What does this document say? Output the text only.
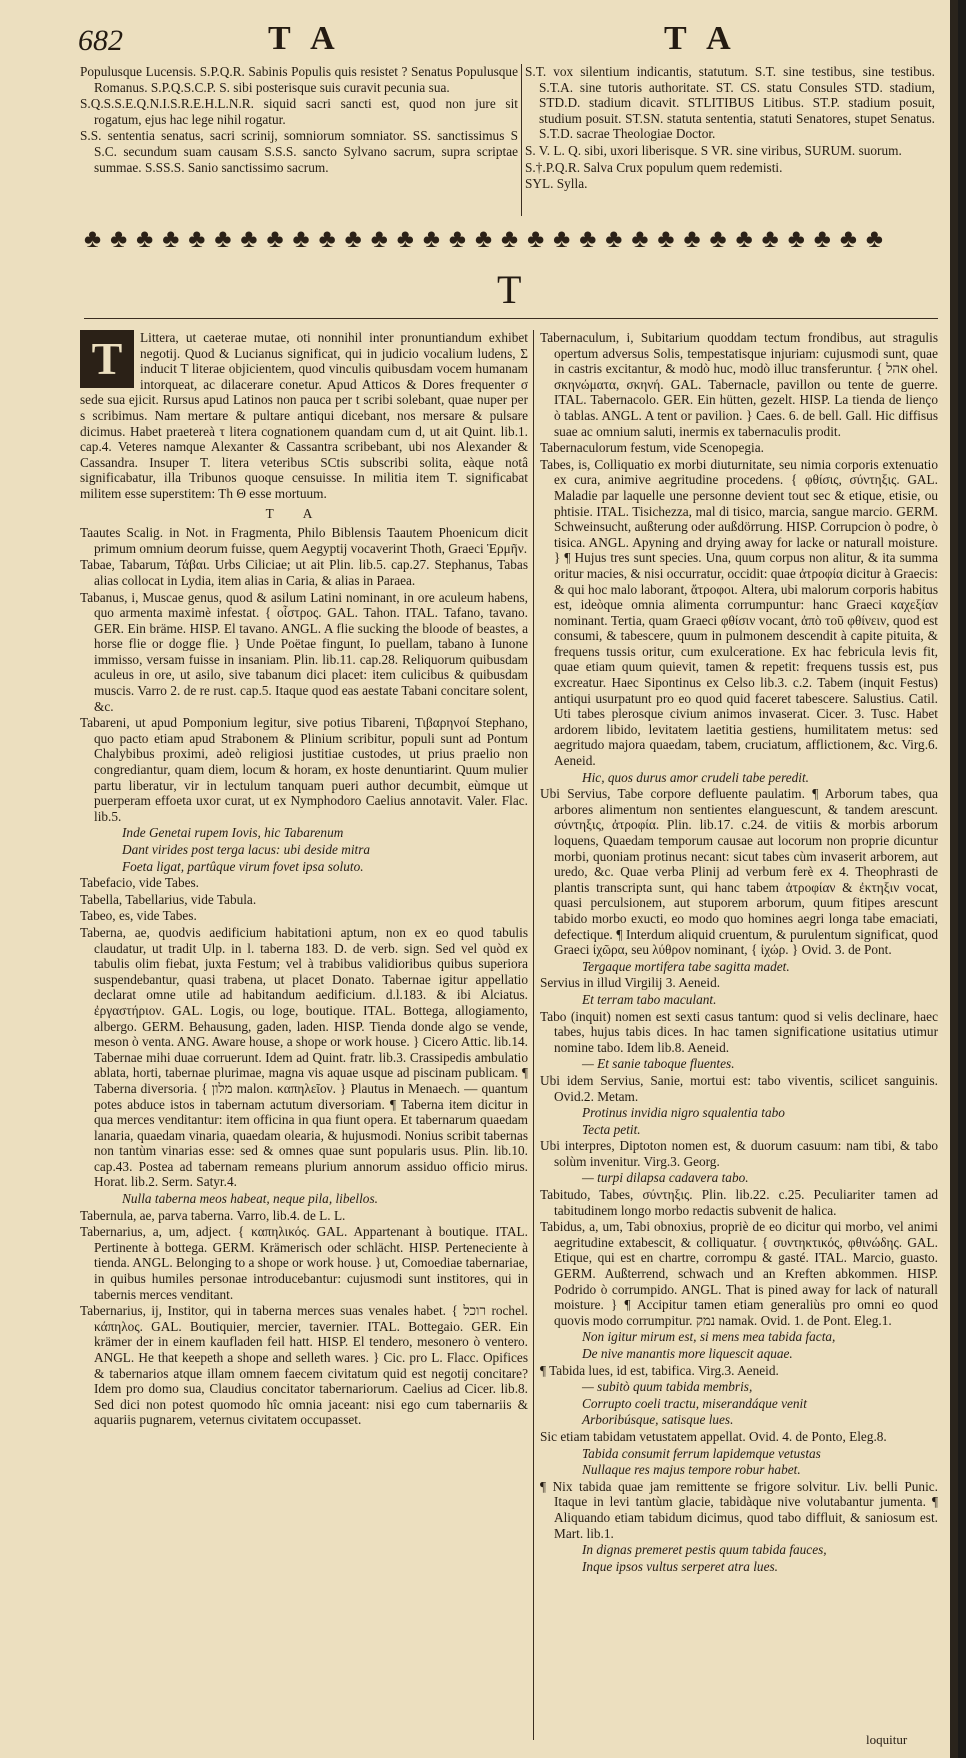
682	TA	TA

Populusque Lucensis. S.P.Q.R. Sabinis Populis quis resistet ? Senatus Populusque Romanus. S.P.Q.S.C.P. S. sibi posterisque suis curavit pecunia sua.

S.Q.S.S.E.Q.N.I.S.R.E.H.L.N.R. siquid sacri sancti est, quod non jure sit rogatum, ejus hac lege nihil rogatur.

S.S. sententia senatus, sacri scrinij, somniorum somniator. SS. sanctissimus S S.C. secundum suam causam S.S.S. sancto Sylvano sacrum, supra scriptae summae. S.SS.S. Sanio sanctissimo sacrum.

S.T. vox silentium indicantis, statutum. S.T. sine testibus, sine testibus. S.T.A. sine tutoris authoritate. ST. CS. statu Consules STD. stadium, STD.D. stadium dicavit. STLITIBUS Litibus. ST.P. stadium posuit, studium posuit. ST.SN. statuta sententia, statuti Senatores, stupet Senatus. S.T.D. sacrae Theologiae Doctor.

S. V. L. Q. sibi, uxori liberisque. S VR. sine viribus, SURUM. suorum.

S.†.P.Q.R. Salva Crux populum quem redemisti.

SYL. Sylla.

♣♣♣♣♣♣♣♣♣♣♣♣♣♣♣♣♣♣♣♣♣♣♣♣♣♣♣♣♣♣♣
T

T	Littera, ut caeterae mutae, oti nonnihil inter pronuntiandum exhibet negotij. Quod & Lucianus significat, qui in judicio vocalium ludens, Σ inducit T literae objicientem, quod vinculis quibusdam vocem humanam intorqueat, ac dilacerare conetur. Apud Atticos & Dores frequenter σ sede sua ejicit. Rursus apud Latinos non pauca per t scribi solebant, quae nuper per s scribimus. Nam mertare & pultare antiqui dicebant, nos mersare & pulsare dicimus. Habet praetereà τ litera cognationem quandam cum d, ut ait Quint. lib.1. cap.4. Veteres namque Alexanter & Cassantra scribebant, ubi nos Alexander & Cassandra. Insuper T. litera veteribus SCtis subscribi solita, eàque notâ significabatur, illa Tribunos quoque censuisse. In militia item T. significabat militem esse superstitem: Th Θ esse mortuum.

TA

Taautes Scalig. in Not. in Fragmenta, Philo Biblensis Taautem Phoenicum dicit primum omnium deorum fuisse, quem Aegyptij vocaverint Thoth, Graeci Ἑρμῆν.

Tabae, Tabarum, Τάβαι. Urbs Ciliciae; ut ait Plin. lib.5. cap.27. Stephanus, Tabas alias collocat in Lydia, item alias in Caria, & alias in Paraea.

Tabanus, i, Muscae genus, quod & asilum Latini nominant, in ore aculeum habens, quo armenta maximè infestat. { οἶστρος. GAL. Tahon. ITAL. Tafano, tavano. GER. Ein bräme. HISP. El tavano. ANGL. A flie sucking the bloode of beastes, a horse flie or dogge flie. } Unde Poëtae fingunt, Io puellam, tabano à Iunone immisso, versam fuisse in insaniam. Plin. lib.11. cap.28. Reliquorum quibusdam aculeus in ore, ut asilo, sive tabanum dici placet: item culicibus & quibusdam muscis. Varro 2. de re rust. cap.5. Itaque quod eas aestate Tabani concitare solent, &c.

Tabareni, ut apud Pomponium legitur, sive potius Tibareni, Τιβαρηνοί Stephano, quo pacto etiam apud Strabonem & Plinium scribitur, populi sunt ad Pontum Chalybibus proximi, adeò religiosi justitiae custodes, ut prius praelio non congrediantur, quam diem, locum & horam, ex hoste denuntiarint. Quum mulier partu liberatur, vir in lectulum tanquam pueri author decumbit, eùmque ut puerperam effoeta uxor curat, ut ex Nymphodoro Caelius annotavit. Valer. Flac. lib.5.

Inde Genetai rupem Iovis, hic Tabarenum

Dant virides post terga lacus: ubi deside mitra

Foeta ligat, partûque virum fovet ipsa soluto.

Tabefacio, vide Tabes.

Tabella, Tabellarius, vide Tabula.

Tabeo, es, vide Tabes.

Taberna, ae, quodvis aedificium habitationi aptum, non ex eo quod tabulis claudatur, ut tradit Ulp. in l. taberna 183. D. de verb. sign. Sed vel quòd ex tabulis olim fiebat, juxta Festum; vel à trabibus validioribus quibus superiora suspendebantur, quasi trabena, ut placet Donato. Tabernae igitur appellatio declarat omne utile ad habitandum aedificium. d.l.183. & ibi Alciatus. ἐργαστήριον. GAL. Logis, ou loge, boutique. ITAL. Bottega, allogiamento, albergo. GERM. Behausung, gaden, laden. HISP. Tienda donde algo se vende, meson ò venta. ANG. Aware house, a shope or work house. } Cicero Attic. lib.14. Tabernae mihi duae corruerunt. Idem ad Quint. fratr. lib.3. Crassipedis ambulatio ablata, horti, tabernae plurimae, magna vis aquae usque ad piscinam publicam. ¶ Taberna diversoria. { מלון malon. καπηλεῖον. } Plautus in Menaech. — quantum potes abduce istos in tabernam actutum diversoriam. ¶ Taberna item dicitur in qua merces venditantur: item officina in qua fiunt opera. Et tabernarum quaedam lanaria, quaedam vinaria, quaedam olearia, & hujusmodi. Nonius scribit tabernas non tantùm vinarias esse: sed & omnes quae sunt popularis usus. Plin. lib.10. cap.43. Postea ad tabernam remeans plurium annorum assiduo officio mirus. Horat. lib.2. Serm. Satyr.4.

Nulla taberna meos habeat, neque pila, libellos.

Tabernula, ae, parva taberna. Varro, lib.4. de L. L.

Tabernarius, a, um, adject. { καπηλικός. GAL. Appartenant à boutique. ITAL. Pertinente à bottega. GERM. Krämerisch oder schlächt. HISP. Perteneciente à tienda. ANGL. Belonging to a shope or work house. } ut, Comoediae tabernariae, in quibus humiles personae introducebantur: cujusmodi sunt institores, qui in tabernis merces venditant.

Tabernarius, ij, Institor, qui in taberna merces suas venales habet. { רוכל rochel. κάπηλος. GAL. Boutiquier, mercier, tavernier. ITAL. Bottegaio. GER. Ein krämer der in einem kaufladen feil hatt. HISP. El tendero, mesonero ò ventero. ANGL. He that keepeth a shope and selleth wares. } Cic. pro L. Flacc. Opifices & tabernarios atque illam omnem faecem civitatum quid est negotij concitare? Idem pro domo sua, Claudius concitator tabernariorum. Caelius ad Cicer. lib.8. Sed dici non potest quomodo hîc omnia jaceant: nisi ego cum tabernariis & aquariis pugnarem, veternus civitatem occupasset.

Tabernaculum, i, Subitarium quoddam tectum frondibus, aut stragulis opertum adversus Solis, tempestatisque injuriam: cujusmodi sunt, quae in castris excitantur, & modò huc, modò illuc transferuntur. { אהל ohel. σκηνώματα, σκηνή. GAL. Tabernacle, pavillon ou tente de guerre. ITAL. Tabernacolo. GER. Ein hütten, gezelt. HISP. La tienda de lienço ò tablas. ANGL. A tent or pavilion. } Caes. 6. de bell. Gall. Hic diffisus suae ac omnium saluti, inermis ex tabernaculis prodit.

Tabernaculorum festum, vide Scenopegia.

Tabes, is, Colliquatio ex morbi diuturnitate, seu nimia corporis extenuatio ex cura, animive aegritudine procedens. { φθίσις, σύντηξις. GAL. Maladie par laquelle une personne devient tout sec & etique, etisie, ou phtisie. ITAL. Tisichezza, mal di tisico, marcia, sangue marcio. GERM. Schweinsucht, außterung oder außdörrung. HISP. Corrupcion ò podre, ò tisica. ANGL. Apyning and drying away for lacke or naturall moisture. } ¶ Hujus tres sunt species. Una, quum corpus non alitur, & ita summa oritur macies, & nisi occurratur, occidit: quae ἀτροφία dicitur à Graecis: & qui hoc malo laborant, ἄτροφοι. Altera, ubi malorum corporis habitus est, ideòque omnia alimenta corrumpuntur: hanc Graeci καχεξίαν nominant. Tertia, quam Graeci φθίσιν vocant, ἀπὸ τοῦ φθίνειν, quod est consumi, & tabescere, quum in pulmonem descendit à capite pituita, & frequens tussis oritur, cum exulceratione. Ex hac febricula levis fit, quae etiam quum quievit, tamen & repetit: frequens tussis est, pus excreatur. Haec Sipontinus ex Celso lib.3. c.2. Tabem (inquit Festus) antiqui usurpatunt pro eo quod quid faceret tabescere. Salustius. Catil. Uti tabes plerosque civium animos invaserat. Cicer. 3. Tusc. Habet ardorem libido, levitatem laetitia gestiens, humilitatem metus: sed aegritudo majora quaedam, tabem, cruciatum, afflictionem, &c. Virg.6. Aeneid.

Hic, quos durus amor crudeli tabe peredit.

Ubi Servius, Tabe corpore defluente paulatim. ¶ Arborum tabes, qua arbores alimentum non sentientes elanguescunt, & tandem arescunt. σύντηξις, ἀτροφία. Plin. lib.17. c.24. de vitiis & morbis arborum loquens, Quaedam temporum causae aut locorum non proprie dicuntur morbi, quoniam protinus necant: sicut tabes cùm invaserit arborem, aut uredo, &c. Quae verba Plinij ad verbum ferè ex 4. Theophrasti de plantis transcripta sunt, qui hanc tabem ἀτροφίαν & ἐκτηξιν vocat, quasi perculsionem, aut stuporem arborum, quum fitipes arescunt tabido morbo exucti, eo modo quo homines aegri longa tabe emaciati, defectique. ¶ Interdum aliquid cruentum, & purulentum significat, quod Graeci ἰχῶρα, seu λύθρον nominant, { ἰχώρ. } Ovid. 3. de Pont.

Tergaque mortifera tabe sagitta madet.

Servius in illud Virgilij 3. Aeneid.

Et terram tabo maculant.

Tabo (inquit) nomen est sexti casus tantum: quod si velis declinare, haec tabes, hujus tabis dices. In hac tamen significatione usitatius utimur nomine tabo. Idem lib.8. Aeneid.

— Et sanie taboque fluentes.

Ubi idem Servius, Sanie, mortui est: tabo viventis, scilicet sanguinis. Ovid.2. Metam.

Protinus invidia nigro squalentia tabo

Tecta petit.

Ubi interpres, Diptoton nomen est, & duorum casuum: nam tibi, & tabo solùm invenitur. Virg.3. Georg.

— turpi dilapsa cadavera tabo.

Tabitudo, Tabes, σύντηξις. Plin. lib.22. c.25. Peculiariter tamen ad tabitudinem longo morbo redactis subvenit de halica.

Tabidus, a, um, Tabi obnoxius, propriè de eo dicitur qui morbo, vel animi aegritudine extabescit, & colliquatur. { συντηκτικός, φθινώδης. GAL. Etique, qui est en chartre, corrompu & gasté. ITAL. Marcio, guasto. GERM. Außterrend, schwach und an Kreften abkommen. HISP. Podrido ò corrumpido. ANGL. That is pined away for lack of naturall moisture. } ¶ Accipitur tamen etiam generaliùs pro omni eo quod quovis modo corrumpitur. נמק namak. Ovid. 1. de Pont. Eleg.1.

Non igitur mirum est, si mens mea tabida facta,

De nive manantis more liquescit aquae.

¶ Tabida lues, id est, tabifica. Virg.3. Aeneid.

— subitò quum tabida membris,

Corrupto coeli tractu, miserandáque venit

Arboribúsque, satisque lues.

Sic etiam tabidam vetustatem appellat. Ovid. 4. de Ponto, Eleg.8.

Tabida consumit ferrum lapidemque vetustas

Nullaque res majus tempore robur habet.

¶ Nix tabida quae jam remittente se frigore solvitur. Liv. belli Punic. Itaque in levi tantùm glacie, tabidàque nive volutabantur jumenta. ¶ Aliquando etiam tabidum dicimus, quod tabo diffluit, & saniosum est. Mart. lib.1.

In dignas premeret pestis quum tabida fauces,

Inque ipsos vultus serperet atra lues.

loquitur
